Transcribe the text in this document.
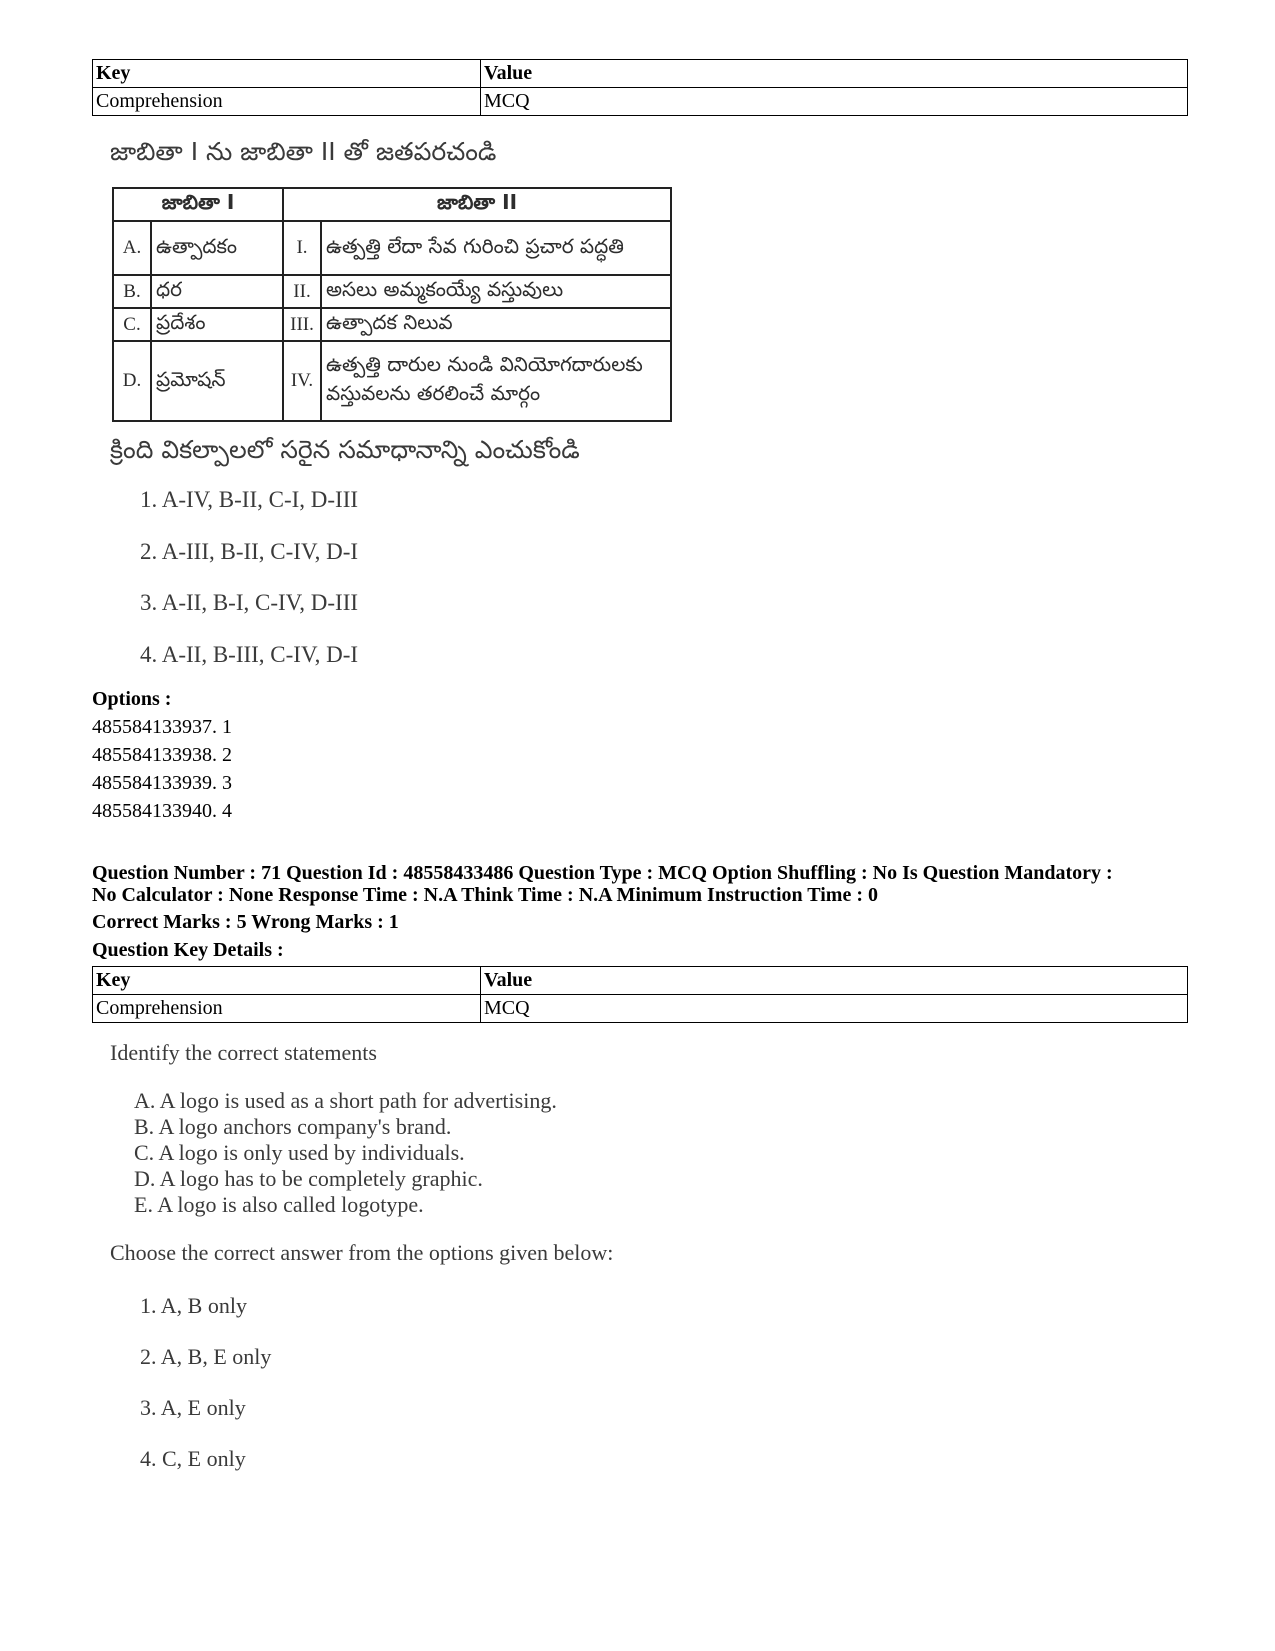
Key	Value
Comprehension	MCQ
జాబితా I ను జాబితా II తో జతపరచండి
జాబితా I		జాబితా II	
A.	ఉత్పాదకం	I.	ఉత్పత్తి లేదా సేవ గురించి ప్రచార పద్ధతి
B.	ధర	II.	అసలు అమ్మకంయ్యే వస్తువులు
C.	ప్రదేశం	III.	ఉత్పాదక నిలువ
D.	ప్రమోషన్	IV.	ఉత్పత్తి దారుల నుండి వినియోగదారులకు వస్తువలను తరలించే మార్గం
క్రింది వికల్పాలలో సరైన సమాధానాన్ని ఎంచుకోండి
1. A-IV, B-II, C-I, D-III
2. A-III, B-II, C-IV, D-I
3. A-II, B-I, C-IV, D-III
4. A-II, B-III, C-IV, D-I
Options :
485584133937. 1
485584133938. 2
485584133939. 3
485584133940. 4
Question Number : 71 Question Id : 48558433486 Question Type : MCQ Option Shuffling : No Is Question Mandatory :
No Calculator : None Response Time : N.A Think Time : N.A Minimum Instruction Time : 0
Correct Marks : 5 Wrong Marks : 1
Question Key Details :
Key	Value
Comprehension	MCQ
Identify the correct statements
A. A logo is used as a short path for advertising.
B. A logo anchors company's brand.
C. A logo is only used by individuals.
D. A logo has to be completely graphic.
E. A logo is also called logotype.
Choose the correct answer from the options given below:
1. A, B only
2. A, B, E only
3. A, E only
4. C, E only
